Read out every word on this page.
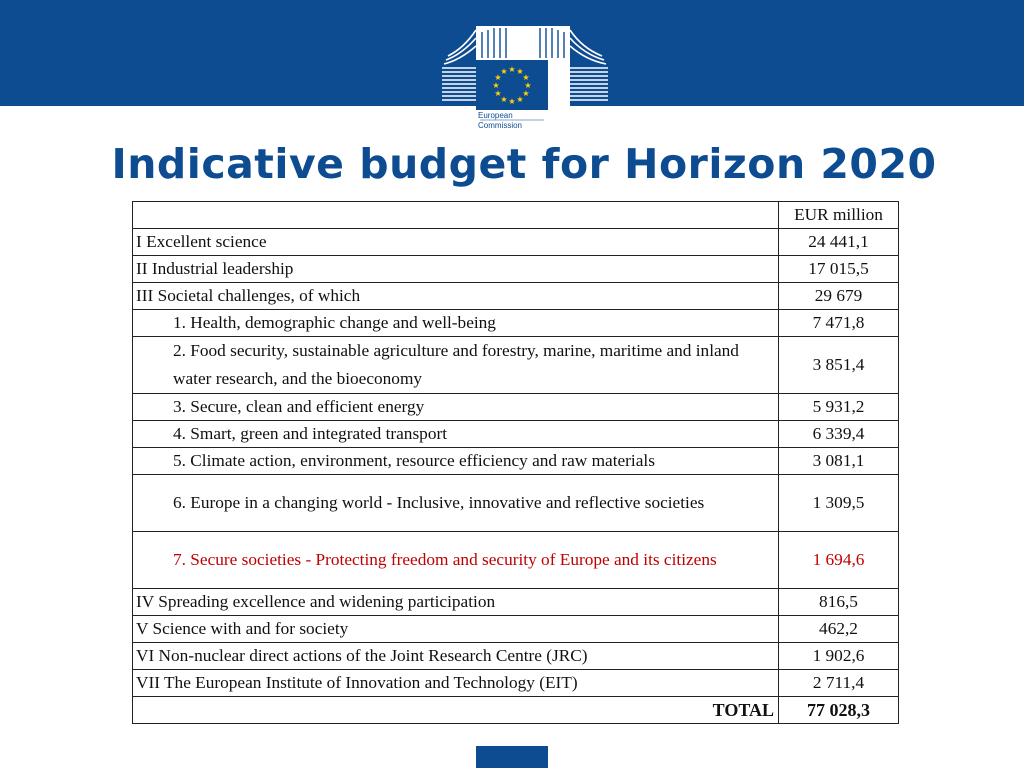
★ ★
★
★
★
★
★
★
★
★
★
★
European
Commission
Indicative budget for Horizon 2020
	EUR million
I Excellent science	24 441,1
II Industrial leadership	17 015,5
III Societal challenges, of which	29 679
1. Health, demographic change and well-being	7 471,8
2. Food security, sustainable agriculture and forestry, marine, maritime and inland water research, and the bioeconomy	3 851,4
3. Secure, clean and efficient energy	5 931,2
4. Smart, green and integrated transport	6 339,4
5. Climate action, environment, resource efficiency and raw materials	3 081,1
6. Europe in a changing world - Inclusive, innovative and reflective societies	1 309,5
7. Secure societies - Protecting freedom and security of Europe and its citizens	1 694,6
IV Spreading excellence and widening participation	816,5
V Science with and for society	462,2
VI Non-nuclear direct actions of the Joint Research Centre (JRC)	1 902,6
VII The European Institute of Innovation and Technology (EIT)	2 711,4
TOTAL	77 028,3
